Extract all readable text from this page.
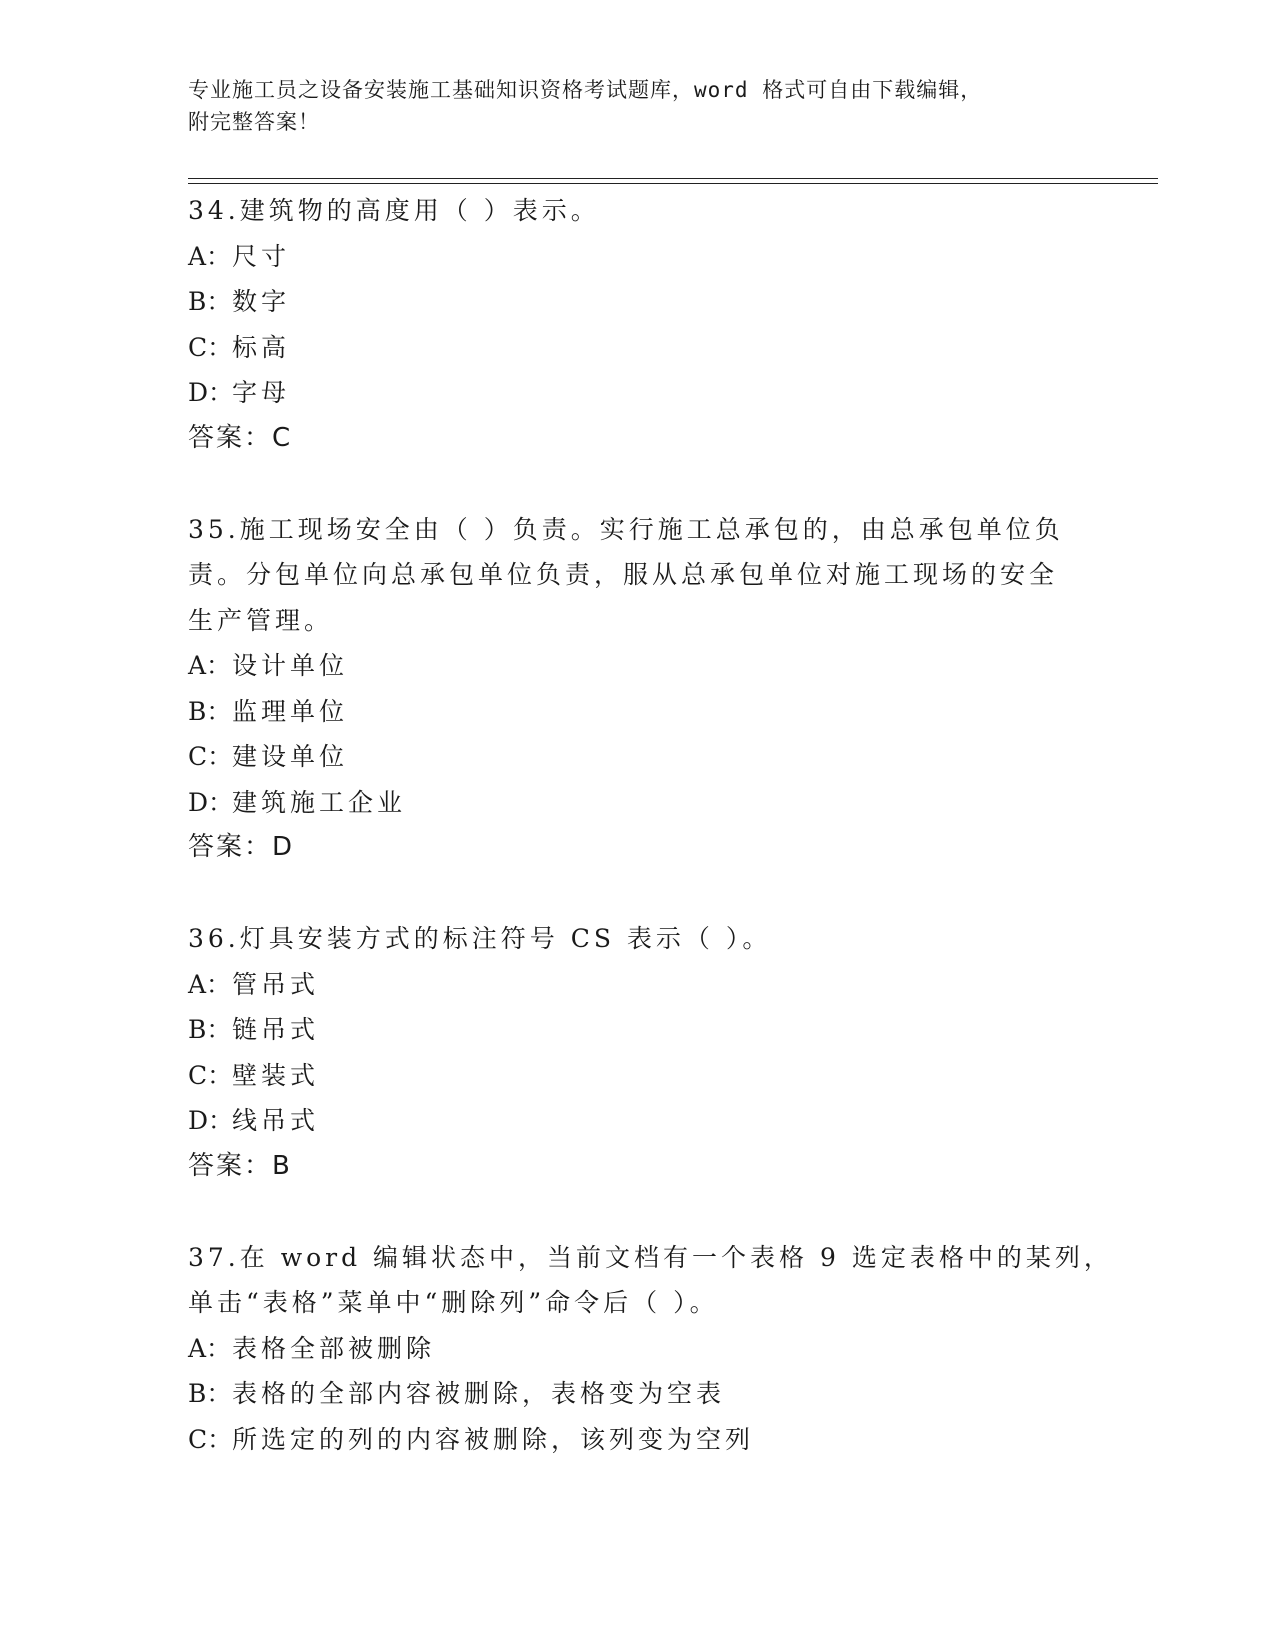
专业施工员之设备安装施工基础知识资格考试题库，word 格式可自由下载编辑，
附完整答案！
34.建筑物的高度用（ ）表示。
A：尺寸
B：数字
C：标高
D：字母
答案：C
35.施工现场安全由（ ）负责。实行施工总承包的，由总承包单位负
责。分包单位向总承包单位负责，服从总承包单位对施工现场的安全
生产管理。
A：设计单位
B：监理单位
C：建设单位
D：建筑施工企业
答案：D
36.灯具安装方式的标注符号 CS 表示（ ）。
A：管吊式
B：链吊式
C：壁装式
D：线吊式
答案：B
37.在 word 编辑状态中，当前文档有一个表格 9 选定表格中的某列，
单击“表格”菜单中“删除列”命令后（ ）。
A：表格全部被删除
B：表格的全部内容被删除，表格变为空表
C：所选定的列的内容被删除，该列变为空列
